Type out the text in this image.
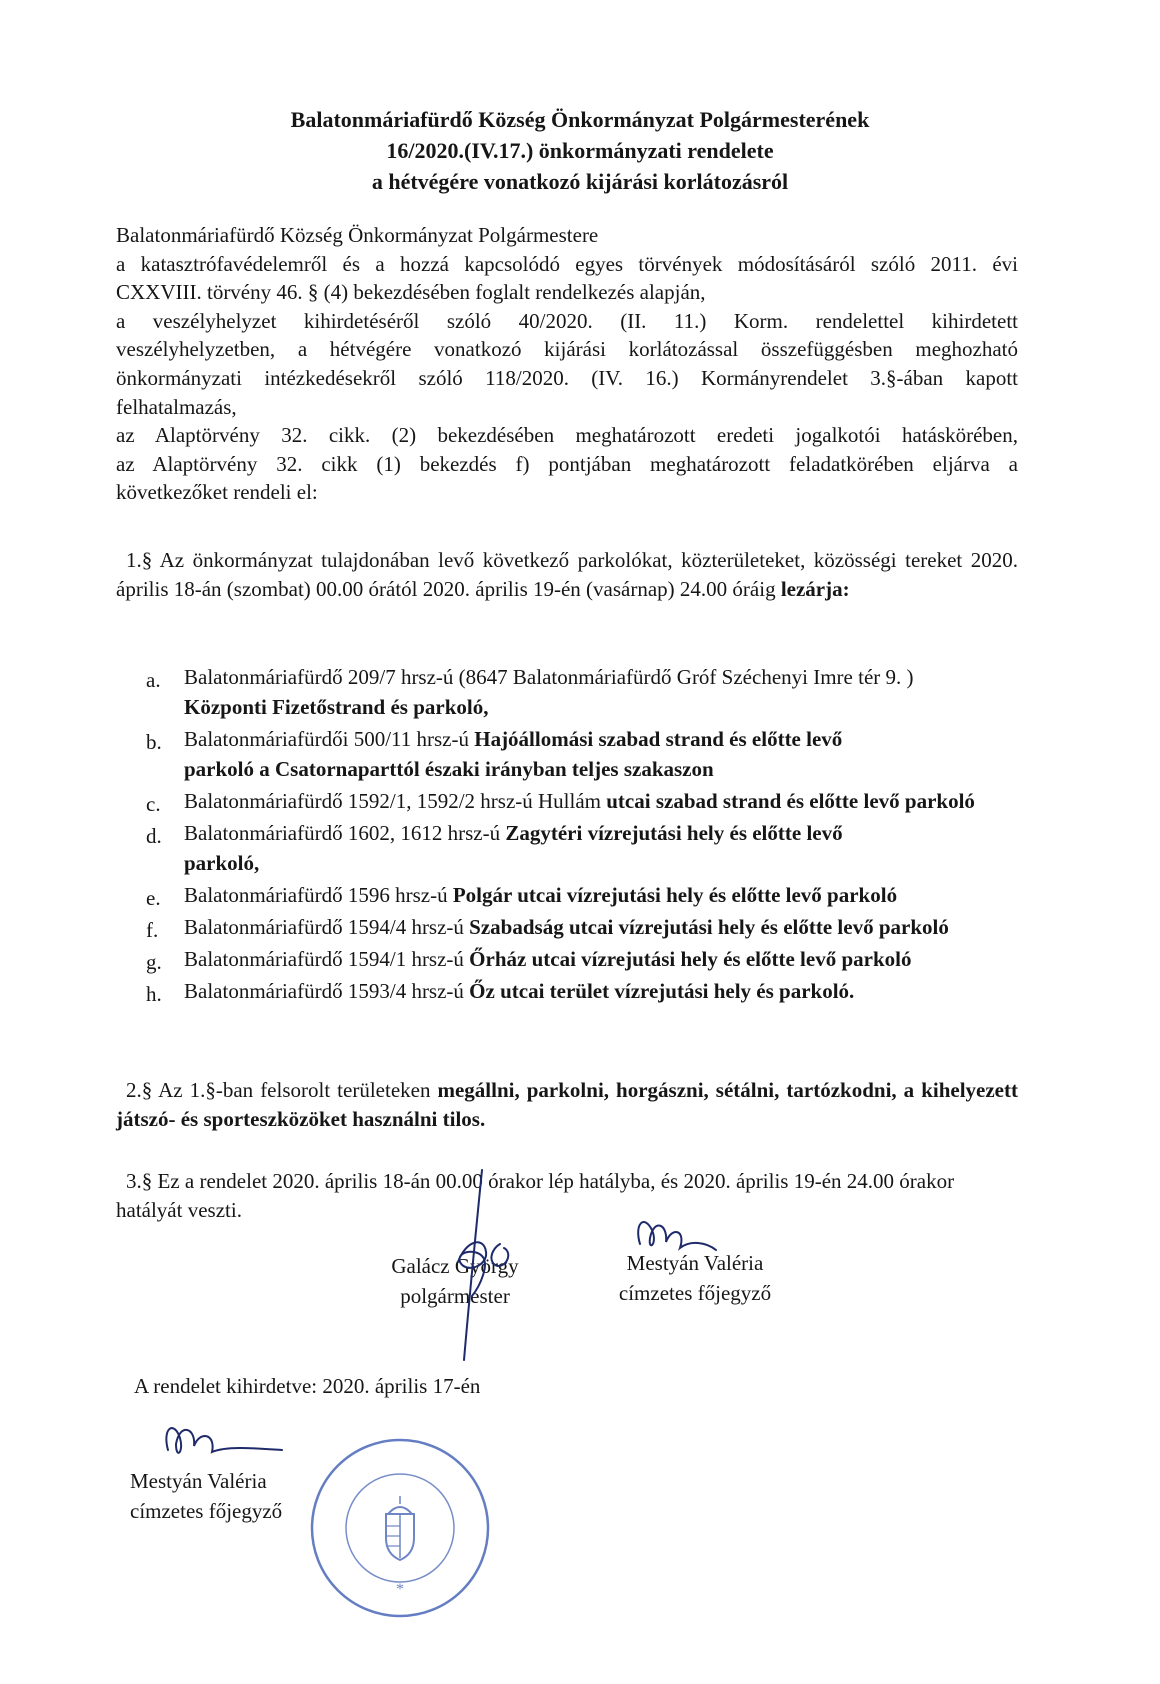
Balatonmáriafürdő Község Önkormányzat Polgármesterének
16/2020.(IV.17.) önkormányzati rendelete
a hétvégére vonatkozó kijárási korlátozásról
Balatonmáriafürdő Község Önkormányzat Polgármestere
a katasztrófavédelemről és a hozzá kapcsolódó egyes törvények módosításáról szóló 2011. évi
CXXVIII. törvény 46. § (4) bekezdésében foglalt rendelkezés alapján,
a veszélyhelyzet kihirdetéséről szóló 40/2020. (II. 11.) Korm. rendelettel kihirdetett
veszélyhelyzetben, a hétvégére vonatkozó kijárási korlátozással összefüggésben meghozható
önkormányzati intézkedésekről szóló 118/2020. (IV. 16.) Kormányrendelet 3.§-ában kapott
felhatalmazás,
az Alaptörvény 32. cikk. (2) bekezdésében meghatározott eredeti jogalkotói hatáskörében,
az Alaptörvény 32. cikk (1) bekezdés f) pontjában meghatározott feladatkörében eljárva a
következőket rendeli el:
1.§ Az önkormányzat tulajdonában levő következő parkolókat, közterületeket, közösségi tereket 2020. április 18-án (szombat) 00.00 órától 2020. április 19-én (vasárnap) 24.00 óráig lezárja:
a.	Balatonmáriafürdő 209/7 hrsz-ú (8647 Balatonmáriafürdő Gróf Széchenyi Imre tér 9. )
Központi Fizetőstrand és parkoló,
b.	Balatonmáriafürdői 500/11 hrsz-ú Hajóállomási szabad strand és előtte levő parkoló a Csatornaparttól északi irányban teljes szakaszon
c.	Balatonmáriafürdő 1592/1, 1592/2 hrsz-ú Hullám utcai szabad strand és előtte levő parkoló
d.	Balatonmáriafürdő 1602, 1612 hrsz-ú Zagytéri vízrejutási hely és előtte levő parkoló,
e.	Balatonmáriafürdő 1596 hrsz-ú Polgár utcai vízrejutási hely és előtte levő parkoló
f.	Balatonmáriafürdő 1594/4 hrsz-ú Szabadság utcai vízrejutási hely és előtte levő parkoló
g.	Balatonmáriafürdő 1594/1 hrsz-ú Őrház utcai vízrejutási hely és előtte levő parkoló
h.	Balatonmáriafürdő 1593/4 hrsz-ú Őz utcai terület vízrejutási hely és parkoló.
2.§ Az 1.§-ban felsorolt területeken megállni, parkolni, horgászni, sétálni, tartózkodni, a kihelyezett játszó- és sporteszközöket használni tilos.
3.§ Ez a rendelet 2020. április 18-án 00.00 órakor lép hatályba, és 2020. április 19-én 24.00 órakor hatályát veszti.
Galácz György
polgármester
Mestyán Valéria
címzetes főjegyző
A rendelet kihirdetve: 2020. április 17-én
Mestyán Valéria
címzetes főjegyző
*
